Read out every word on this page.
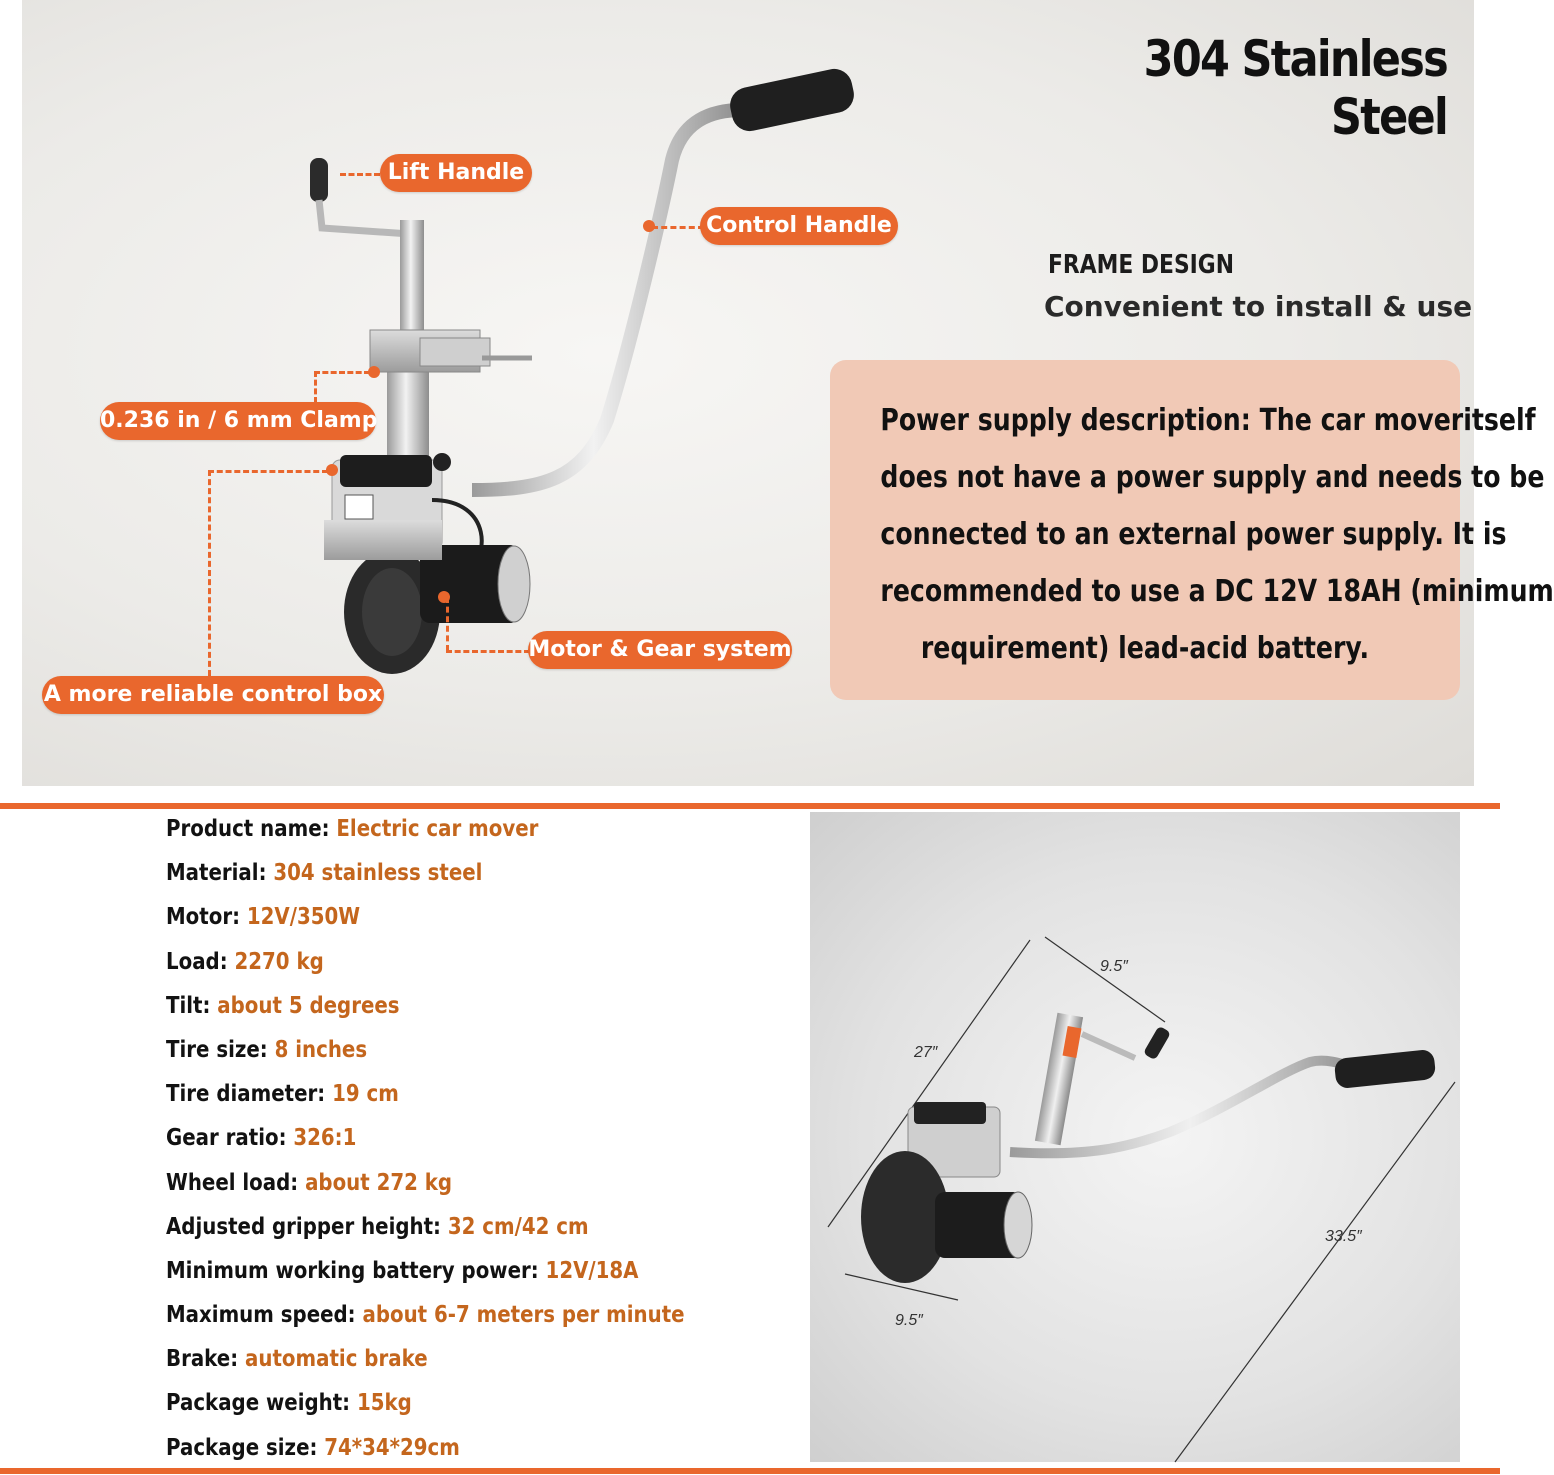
304 Stainless Steel
FRAME DESIGN
Convenient to install & use
Power supply description: The car moveritself
does not have a power supply and needs to be
connected to an external power supply. It is
recommended to use a DC 12V 18AH (minimum
requirement) lead-acid battery.
Lift Handle
Control Handle
0.236 in / 6 mm Clamp
Motor & Gear system
A more reliable control box
Product name: Electric car mover
Material: 304 stainless steel
Motor: 12V/350W
Load: 2270 kg
Tilt: about 5 degrees
Tire size: 8 inches
Tire diameter: 19 cm
Gear ratio: 326:1
Wheel load: about 272 kg
Adjusted gripper height: 32 cm/42 cm
Minimum working battery power: 12V/18A
Maximum speed: about 6-7 meters per minute
Brake: automatic brake
Package weight: 15kg
Package size: 74*34*29cm
9.5″
27″
33.5″
9.5″
